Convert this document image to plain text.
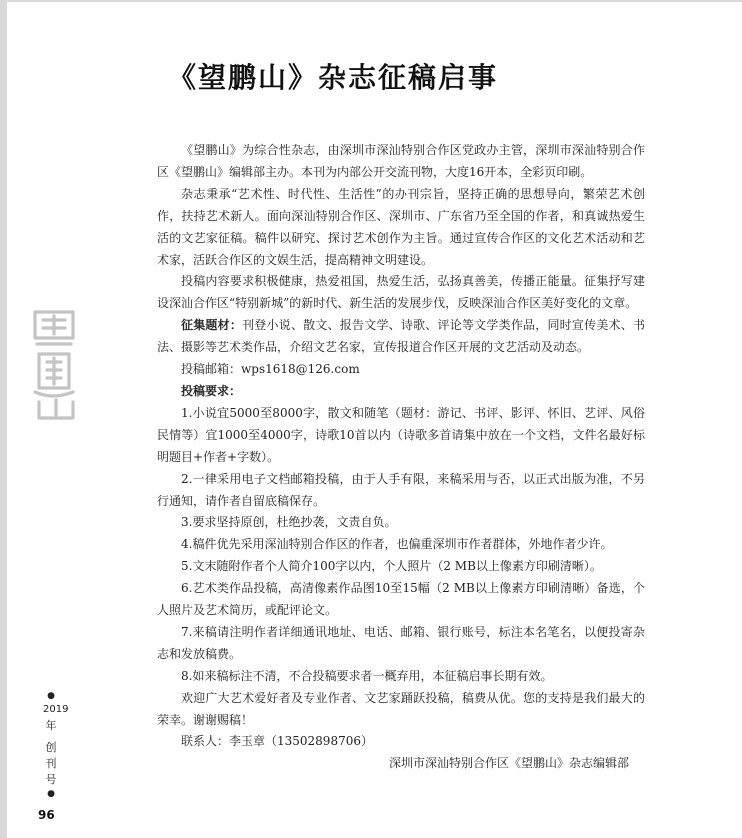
《望鹏山》杂志征稿启事

《望鹏山》为综合性杂志，由深圳市深汕特别合作区党政办主管，深圳市深汕特别合作区《望鹏山》编辑部主办。本刊为内部公开交流刊物，大度16开本，全彩页印刷。

杂志秉承“艺术性、时代性、生活性”的办刊宗旨，坚持正确的思想导向，繁荣艺术创作，扶持艺术新人。面向深汕特别合作区、深圳市、广东省乃至全国的作者，和真诚热爱生活的文艺家征稿。稿件以研究、探讨艺术创作为主旨。通过宣传合作区的文化艺术活动和艺术家，活跃合作区的文娱生活，提高精神文明建设。

投稿内容要求积极健康，热爱祖国，热爱生活，弘扬真善美，传播正能量。征集抒写建设深汕合作区“特别新城”的新时代、新生活的发展步伐，反映深汕合作区美好变化的文章。

征集题材：刊登小说、散文、报告文学、诗歌、评论等文学类作品，同时宣传美术、书法、摄影等艺术类作品，介绍文艺名家，宣传报道合作区开展的文艺活动及动态。

投稿邮箱：wps1618@126.com

投稿要求：

1.小说宜5000至8000字，散文和随笔（题材：游记、书评、影评、怀旧、艺评、风俗民情等）宜1000至4000字，诗歌10首以内（诗歌多首请集中放在一个文档，文件名最好标明题目+作者+字数）。

2.一律采用电子文档邮箱投稿，由于人手有限，来稿采用与否，以正式出版为准，不另行通知，请作者自留底稿保存。

3.要求坚持原创，杜绝抄袭，文责自负。

4.稿件优先采用深汕特别合作区的作者，也偏重深圳市作者群体，外地作者少许。

5.文末随附作者个人简介100字以内，个人照片（2 MB以上像素方印刷清晰）。

6.艺术类作品投稿，高清像素作品图10至15幅（2 MB以上像素方印刷清晰）备选，个人照片及艺术简历，或配评论文。

7.来稿请注明作者详细通讯地址、电话、邮箱、银行账号，标注本名笔名，以便投寄杂志和发放稿费。

8.如来稿标注不清，不合投稿要求者一概弃用，本征稿启事长期有效。

欢迎广大艺术爱好者及专业作者、文艺家踊跃投稿，稿费从优。您的支持是我们最大的荣幸。谢谢赐稿！

联系人：李玉章（13502898706）

深圳市深汕特别合作区《望鹏山》杂志编辑部
●
2019
年
创
刊
号
●
96
